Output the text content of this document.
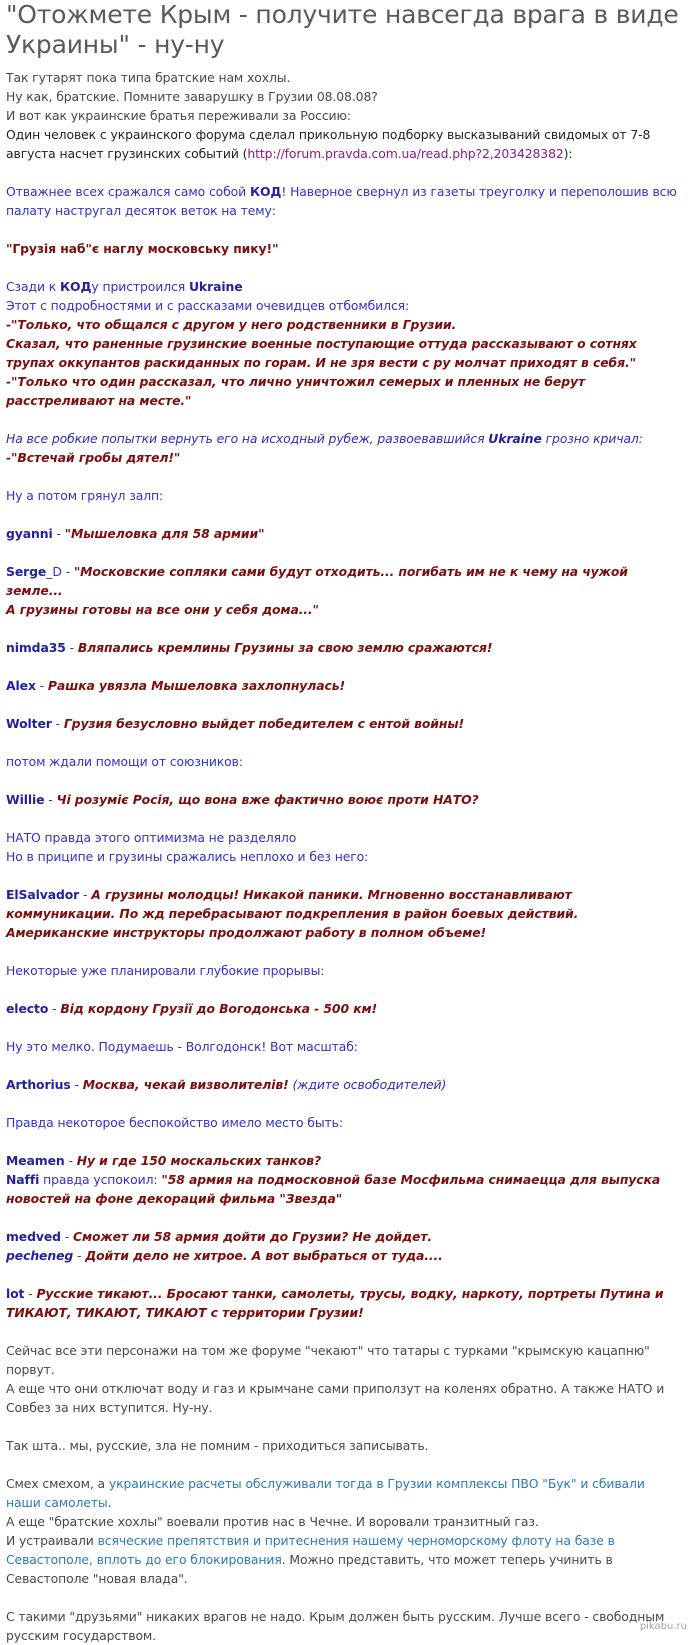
"Отожмете Крым - получите навсегда врага в виде Украины" - ну-ну

Так гутарят пока типа братские нам хохлы.

Ну как, братские. Помните заварушку в Грузии 08.08.08?

И вот как украинские братья переживали за Россию:

Один человек с украинского форума сделал прикольную подборку высказываний свидомых от 7-8 августа насчет грузинских событий (http://forum.pravda.com.ua/read.php?2,203428382):

Отважнее всех сражался само собой КОД! Наверное свернул из газеты треуголку и переполошив всю палату настругал десяток веток на тему:

"Грузія наб"є наглу московську пику!"

Сзади к КОДу пристроился Ukraine

Этот с подробностями и с рассказами очевидцев отбомбился:

-"Только, что общался с другом у него родственники в Грузии.

Сказал, что раненные грузинские военные поступающие оттуда рассказывают о сотнях трупах оккупантов раскиданных по горам. И не зря вести с ру молчат приходят в себя."

-"Только что один рассказал, что лично уничтожил семерых и пленных не берут расстреливают на месте."

На все робкие попытки вернуть его на исходный рубеж, развоевавшийся Ukraine грозно кричал:

-"Встечай гробы дятел!"

Ну а потом грянул залп:

gyanni - "Мышеловка для 58 армии"

Serge_D - "Московские сопляки сами будут отходить... погибать им не к чему на чужой земле...

А грузины готовы на все они у себя дома..."

nimda35 - Вляпались кремлины Грузины за свою землю сражаются!

Alex - Рашка увязла Мышеловка захлопнулась!

Wolter - Грузия безусловно выйдет победителем с ентой войны!

потом ждали помощи от союзников:

Willie - Чі розуміє Росія, що вона вже фактично воює проти НАТО?

НАТО правда этого оптимизма не разделяло

Но в приципе и грузины сражались неплохо и без него:

ElSalvador - А грузины молодцы! Никакой паники. Мгновенно восстанавливают коммуникации. По жд перебрасывают подкрепления в район боевых действий. Американские инструкторы продолжают работу в полном объеме!

Некоторые уже планировали глубокие прорывы:

electo - Від кордону Грузії до Вогодонська - 500 км!

Ну это мелко. Подумаешь - Волгодонск! Вот масштаб:

Arthorius - Москва, чекай визволителів! (ждите освободителей)

Правда некоторое беспокойство имело место быть:

Meamen - Ну и где 150 москальских танков?

Naffi правда успокоил: "58 армия на подмосковной базе Мосфильма снимаецца для выпуска новостей на фоне декораций фильма "Звезда"

medved - Сможет ли 58 армия дойти до Грузии? Не дойдет.

pecheneg - Дойти дело не хитрое. А вот выбраться от туда....

lot - Русские тикают... Бросают танки, самолеты, трусы, водку, наркоту, портреты Путина и ТИКАЮТ, ТИКАЮТ, ТИКАЮТ с территории Грузии!

Сейчас все эти персонажи на том же форуме "чекают" что татары с турками "крымскую кацапню" порвут.

А еще что они отключат воду и газ и крымчане сами приползут на коленях обратно. А также НАТО и Совбез за них вступится. Ну-ну.

Так шта.. мы, русские, зла не помним - приходиться записывать.

Смех смехом, а украинские расчеты обслуживали тогда в Грузии комплексы ПВО "Бук" и сбивали наши самолеты.

А еще "братские хохлы" воевали против нас в Чечне. И воровали транзитный газ.

И устраивали всяческие препятствия и притеснения нашему черноморскому флоту на базе в Севастополе, вплоть до его блокирования. Можно представить, что может теперь учинить в Севастополе "новая влада".

С такими "друзьями" никаких врагов не надо. Крым должен быть русским. Лучше всего - свободным русским государством.

pikabu.ru
